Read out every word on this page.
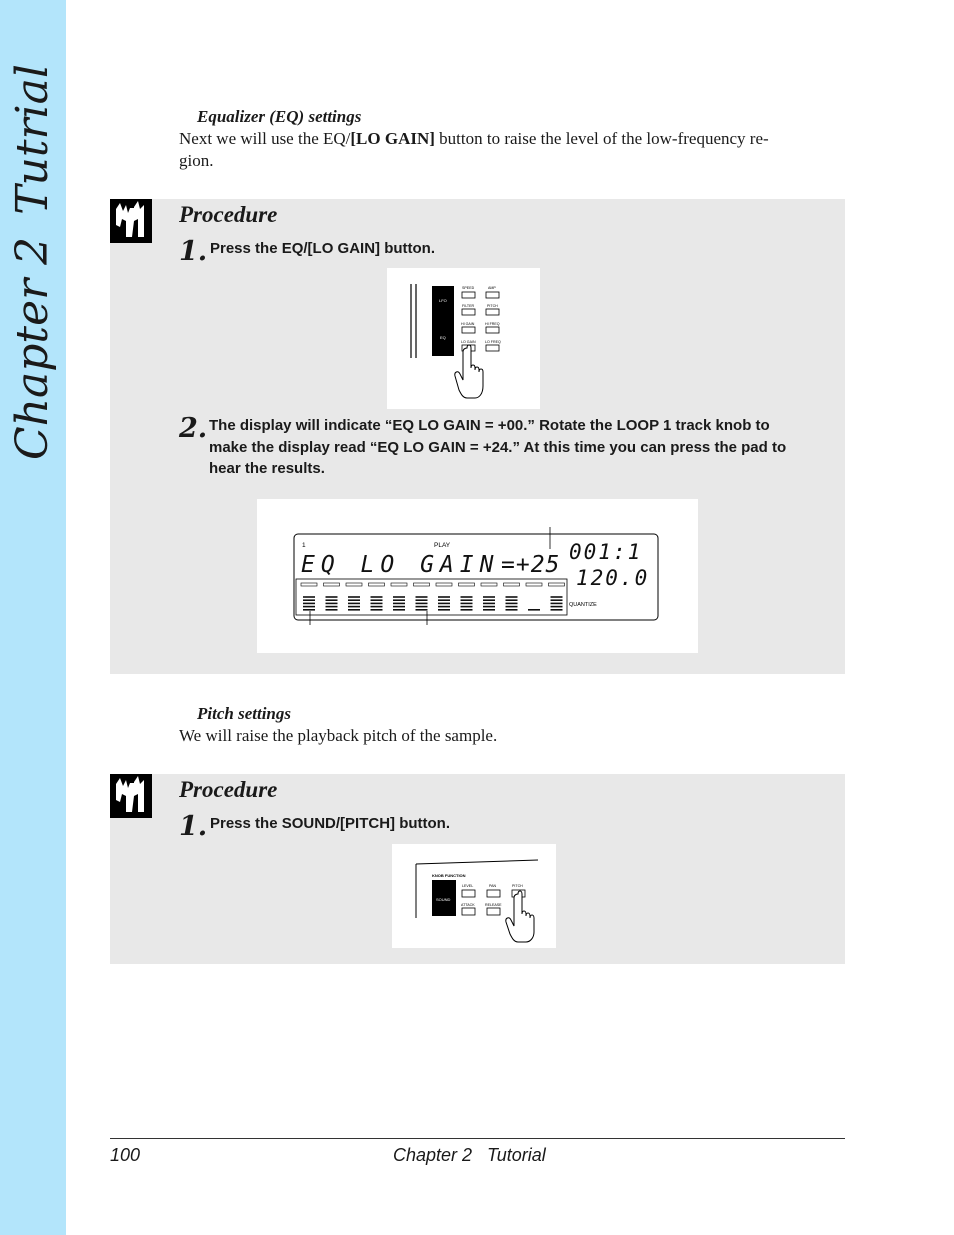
Chapter 2Tutrial	Equalizer (EQ) settings
Next we will use the EQ/[LO GAIN] button to raise the level of the low-frequency re-
gion.
Procedure
1. Press the EQ/[LO GAIN] button.
LFO
EQ
SPEED	AMP
FILTER	PITCH
HI GAIN	HI FREQ
LO GAIN	LO FREQ
2. The display will indicate “EQ LO GAIN = +00.” Rotate the LOOP 1 track knob to
make the display read “EQ LO GAIN = +24.” At this time you can press the pad to
hear the results.
1	PLAY
EQ LO GAIN =+25 001:1
120.0
QUANTIZE
Pitch settings
We will raise the playback pitch of the sample.
Procedure
1. Press the SOUND/[PITCH] button.
KNOB FUNCTION
SOUND
LEVEL	PAN	PITCH
ATTACK	RELEASE
100	Chapter 2   Tutorial
